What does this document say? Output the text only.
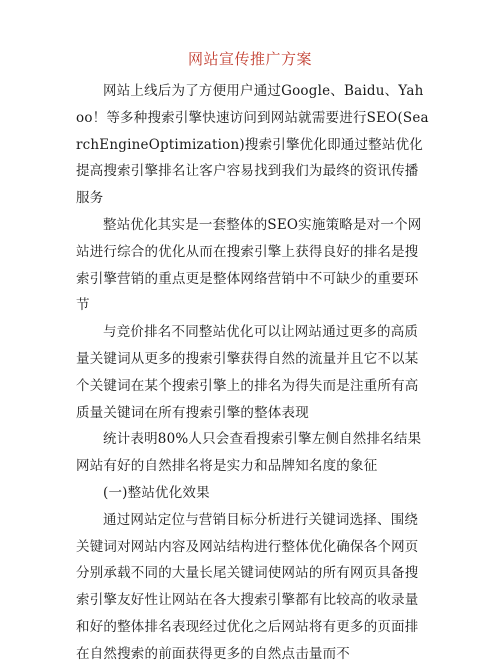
网站宣传推广方案

网站上线后为了方便用户通过Google、Baidu、Yahoo！等多种搜索引擎快速访问到网站就需要进行SEO(SearchEngineOptimization)搜索引擎优化即通过整站优化提高搜索引擎排名让客户容易找到我们为最终的资讯传播服务

整站优化其实是一套整体的SEO实施策略是对一个网站进行综合的优化从而在搜索引擎上获得良好的排名是搜索引擎营销的重点更是整体网络营销中不可缺少的重要环节

与竞价排名不同整站优化可以让网站通过更多的高质量关键词从更多的搜索引擎获得自然的流量并且它不以某个关键词在某个搜索引擎上的排名为得失而是注重所有高质量关键词在所有搜索引擎的整体表现

统计表明80%人只会查看搜索引擎左侧自然排名结果网站有好的自然排名将是实力和品牌知名度的象征

(一)整站优化效果

通过网站定位与营销目标分析进行关键词选择、围绕关键词对网站内容及网站结构进行整体优化确保各个网页分别承载不同的大量长尾关键词使网站的所有网页具备搜索引擎友好性让网站在各大搜索引擎都有比较高的收录量和好的整体排名表现经过优化之后网站将有更多的页面排在自然搜索的前面获得更多的自然点击量而不
